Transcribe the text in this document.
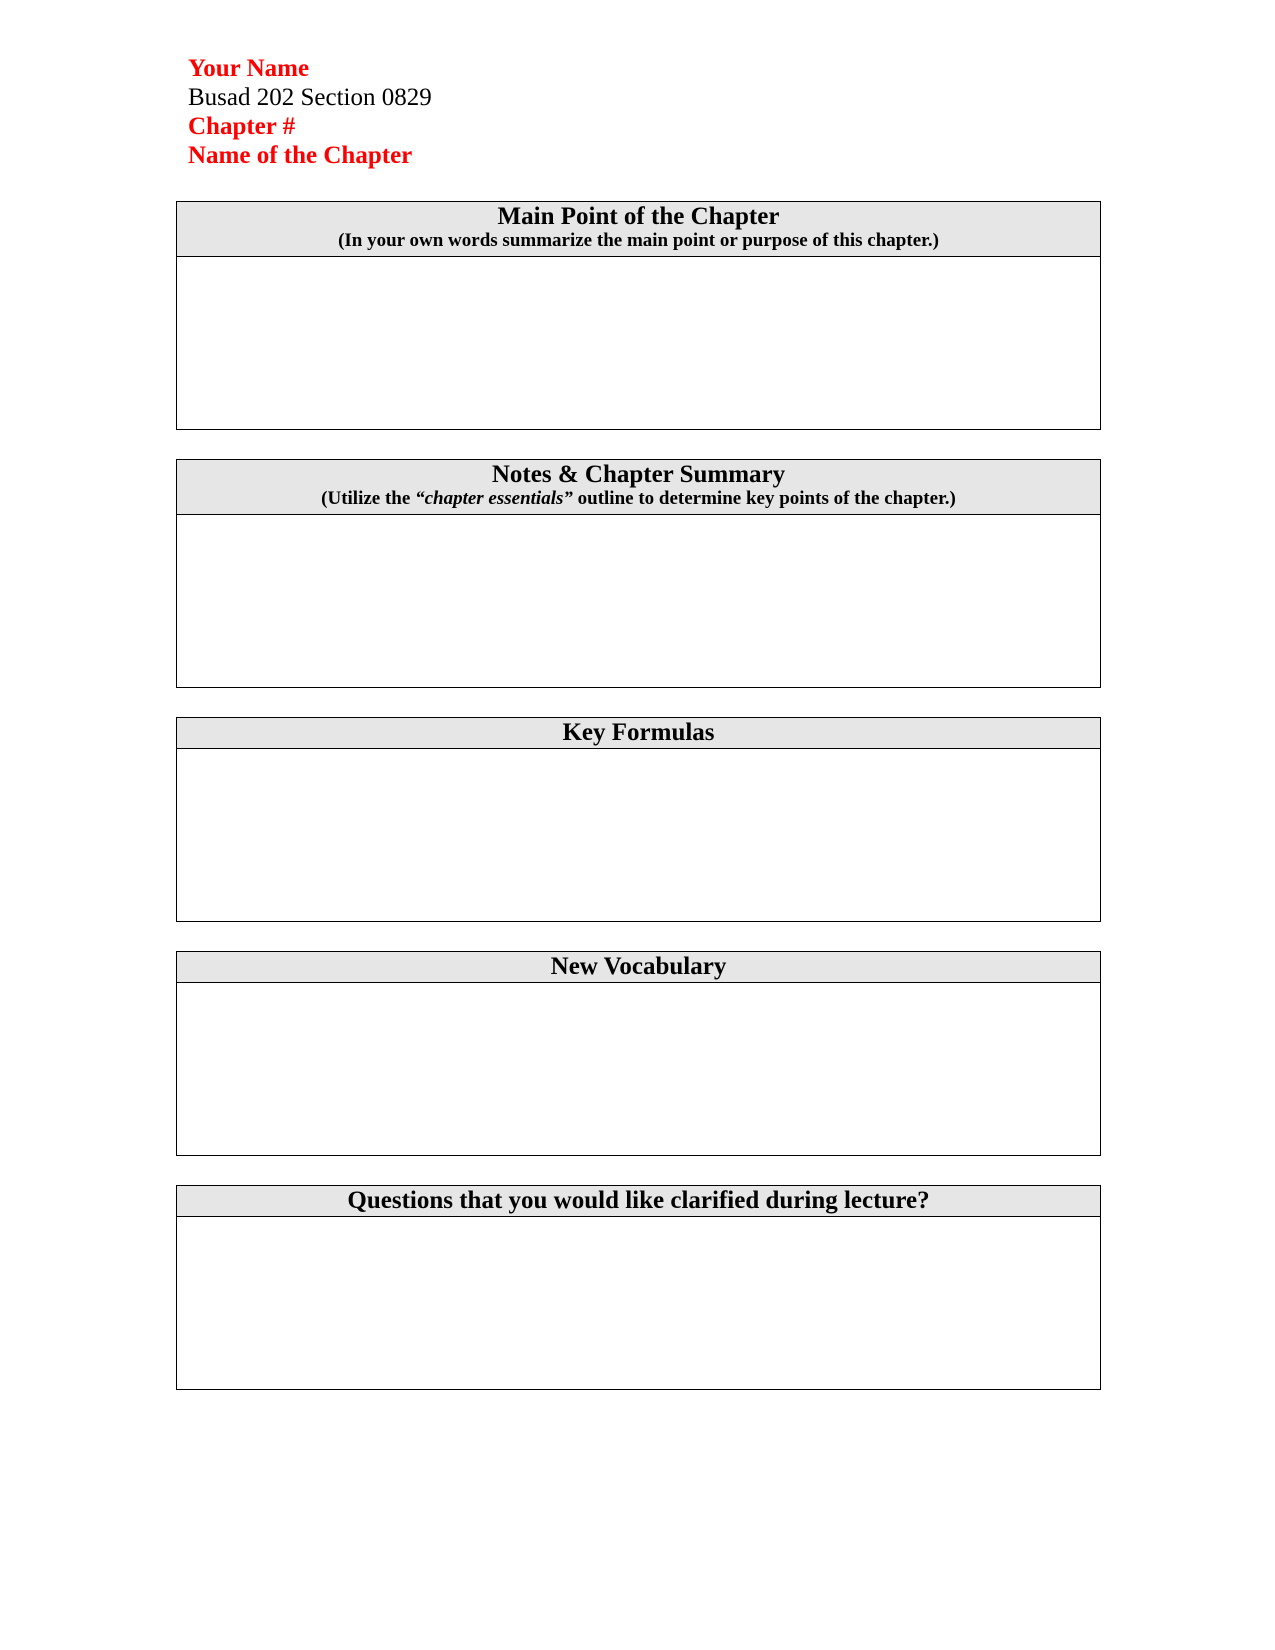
Your Name
Busad 202 Section 0829
Chapter #
Name of the Chapter
Main Point of the Chapter
(In your own words summarize the main point or purpose of this chapter.)
Notes & Chapter Summary
(Utilize the “chapter essentials” outline to determine key points of the chapter.)
Key Formulas
New Vocabulary
Questions that you would like clarified during lecture?
